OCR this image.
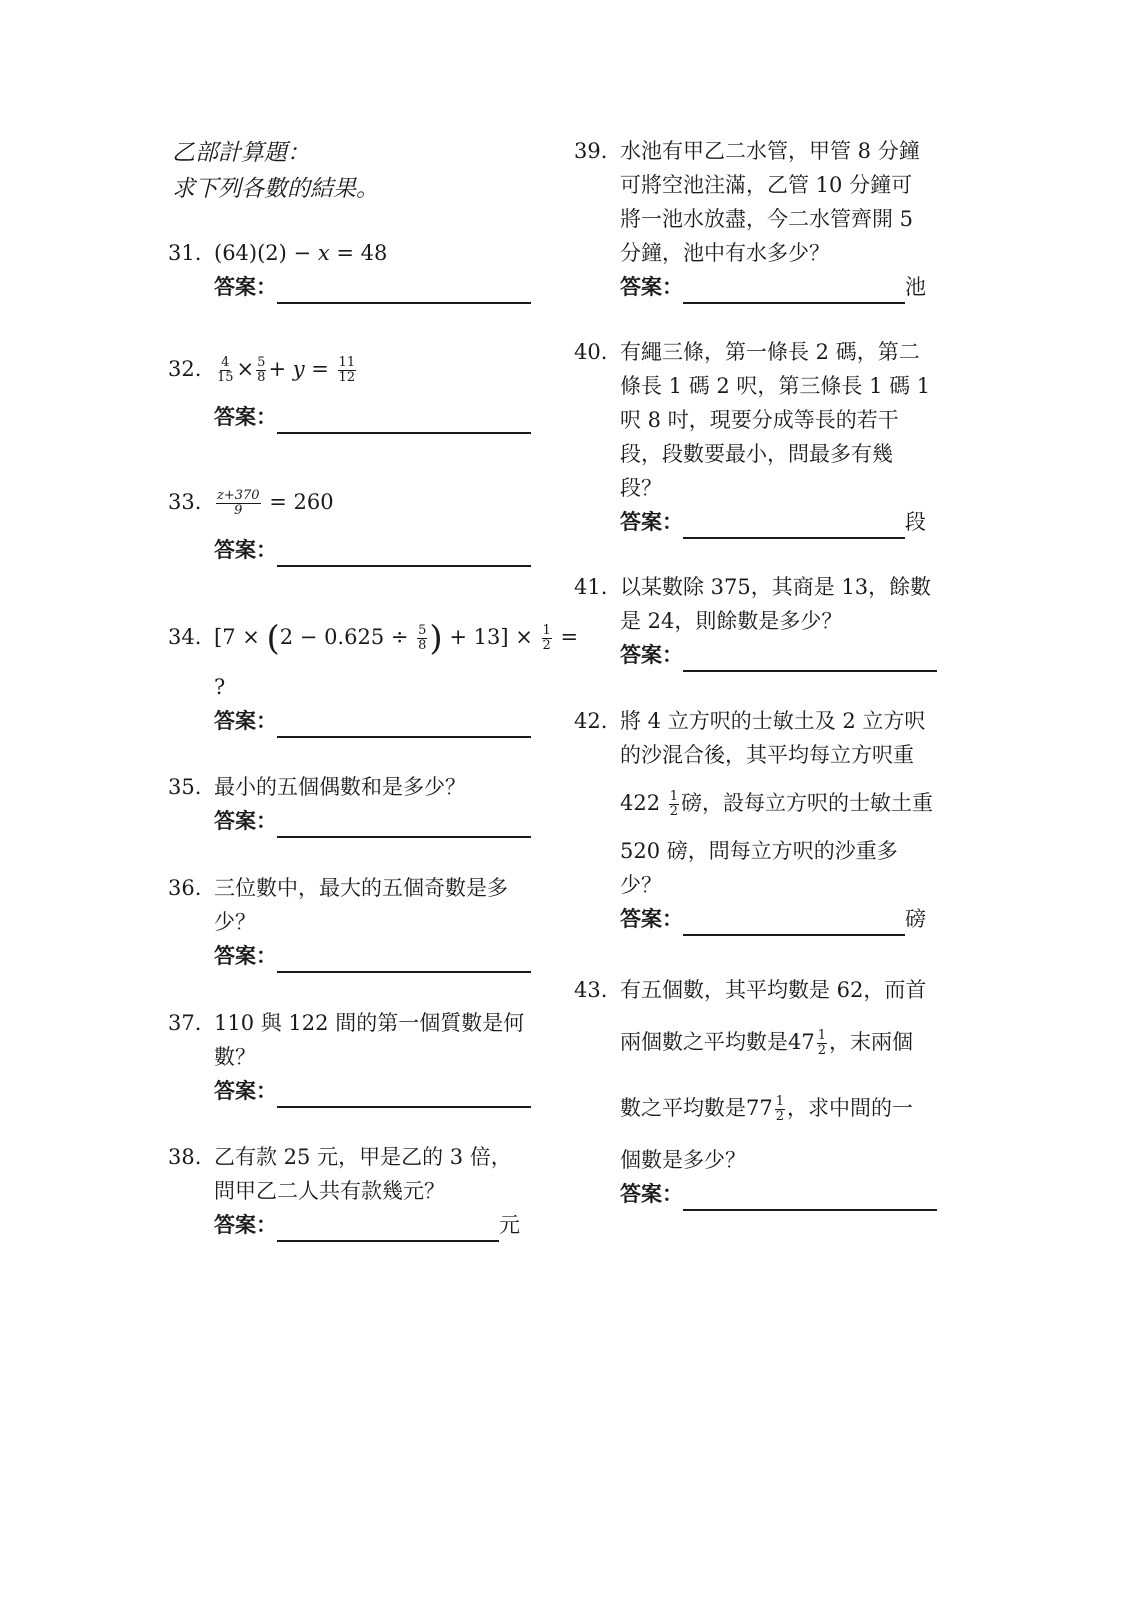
乙部計算題：
求下列各數的結果。
31. (64)(2) − x = 48
答案：
32. $\frac{4}{15} \times \frac{5}{8} + y = \frac{11}{12}$
答案：
33. $\frac{z+370}{9} = 260$
答案：
34. [$7 \times (2 - 0.625 \div \frac{5}{8}$ ) + $13] \times \frac{1}{2}$ =
?
答案：
35. 最小的五個偶數和是多少？
答案：
36. 三位數中，最大的五個奇數是多
少？
答案：
37. 110 與 122 間的第一個質數是何
數？
答案：
38. 乙有款 25 元，甲是乙的 3 倍，
問甲乙二人共有款幾元？
答案：	元
39. 水池有甲乙二水管，甲管 8 分鐘
可將空池注滿，乙管 10 分鐘可
將一池水放盡，今二水管齊開 5
分鐘，池中有水多少？
答案：	池
40. 有繩三條，第一條長 2 碼，第二
條長 1 碼 2 呎，第三條長 1 碼 1
呎 8 吋，現要分成等長的若干
段，段數要最小，問最多有幾
段？
答案：	段
41. 以某數除 375，其商是 13，餘數
是 24，則餘數是多少？
答案：
42. 將 4 立方呎的士敏土及 2 立方呎
的沙混合後，其平均每立方呎重
$422 \frac{1}{2}$ 磅，設每立方呎的士敏土重
520 磅，問每立方呎的沙重多
少？
答案：	磅
43. 有五個數，其平均數是 62，而首
兩個數之平均數是$47 \frac{1}{2}$ ，末兩個
數之平均數是$77 \frac{1}{2}$ ，求中間的一
個數是多少？
答案：
